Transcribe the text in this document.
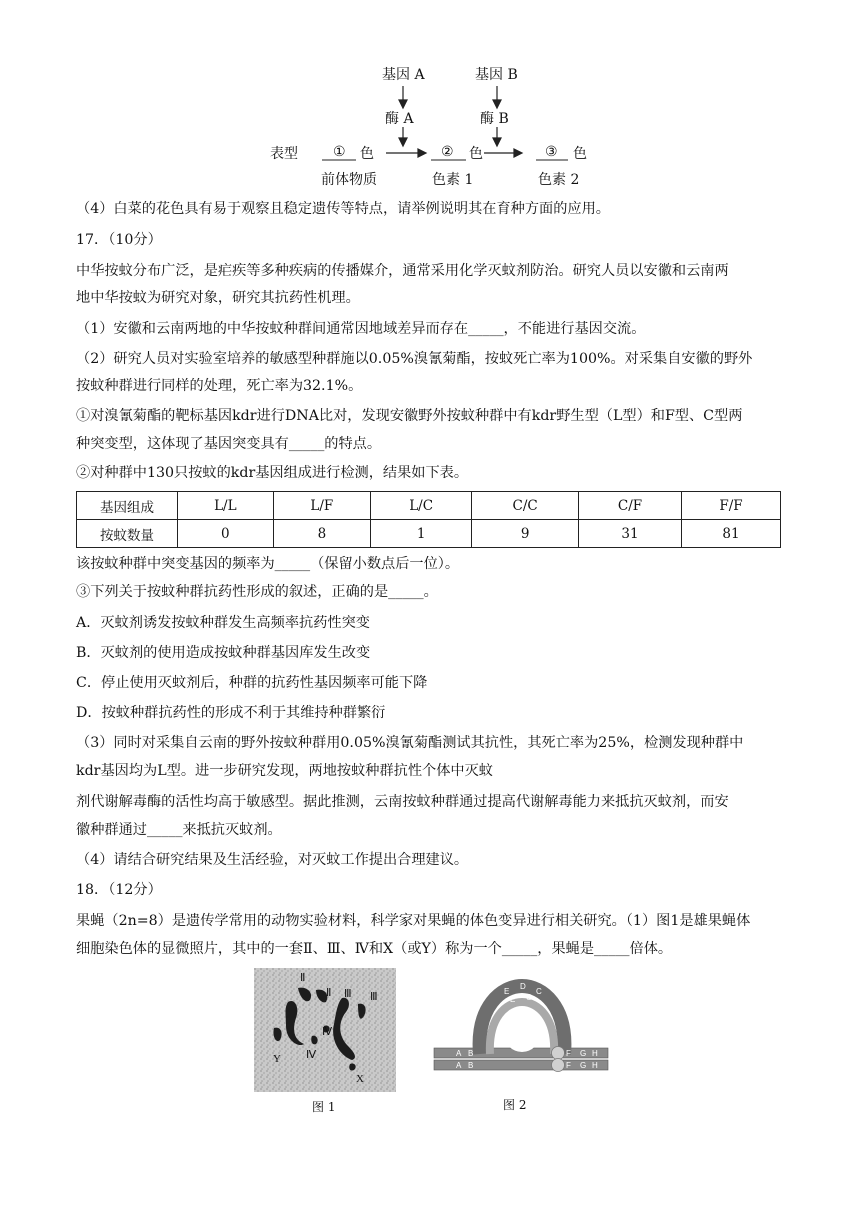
基因 A	基因 B
酶 A	酶 B
表型	① 色	② 色	③ 色
前体物质	色素 1	色素 2
（4）白菜的花色具有易于观察且稳定遗传等特点，请举例说明其在育种方面的应用。
17．（10分）
中华按蚊分布广泛，是疟疾等多种疾病的传播媒介，通常采用化学灭蚊剂防治。研究人员以安徽和云南两
地中华按蚊为研究对象，研究其抗药性机理。
（1）安徽和云南两地的中华按蚊种群间通常因地域差异而存在_____，不能进行基因交流。
（2）研究人员对实验室培养的敏感型种群施以0.05%溴氰菊酯，按蚊死亡率为100%。对采集自安徽的野外
按蚊种群进行同样的处理，死亡率为32.1%。
①对溴氰菊酯的靶标基因kdr进行DNA比对，发现安徽野外按蚊种群中有kdr野生型（L型）和F型、C型两
种突变型，这体现了基因突变具有_____的特点。
②对种群中130只按蚊的kdr基因组成进行检测，结果如下表。
基因组成	L/L	L/F	L/C	C/C	C/F	F/F
按蚊数量	0	8	1	9	31	81
该按蚊种群中突变基因的频率为_____（保留小数点后一位）。
③下列关于按蚊种群抗药性形成的叙述，正确的是_____。
A．灭蚊剂诱发按蚊种群发生高频率抗药性突变
B．灭蚊剂的使用造成按蚊种群基因库发生改变
C．停止使用灭蚊剂后，种群的抗药性基因频率可能下降
D．按蚊种群抗药性的形成不利于其维持种群繁衍
（3）同时对采集自云南的野外按蚊种群用0.05%溴氰菊酯测试其抗性，其死亡率为25%，检测发现种群中
kdr基因均为L型。进一步研究发现，两地按蚊种群抗性个体中灭蚊
剂代谢解毒酶的活性均高于敏感型。据此推测，云南按蚊种群通过提高代谢解毒能力来抵抗灭蚊剂，而安
徽种群通过_____来抵抗灭蚊剂。
（4）请结合研究结果及生活经验，对灭蚊工作提出合理建议。
18．（12分）
果蝇（2n=8）是遗传学常用的动物实验材料，科学家对果蝇的体色变异进行相关研究。（1）图1是雄果蝇体
细胞染色体的显微照片，其中的一套Ⅱ、Ⅲ、Ⅳ和X（或Y）称为一个_____，果蝇是_____倍体。
Ⅱ
Ⅱ Ⅲ Ⅲ
Ⅳ
Ⅳ
Y
X
图 1
A B
A B
E
D
C
E C
F G H
F G H
图 2
